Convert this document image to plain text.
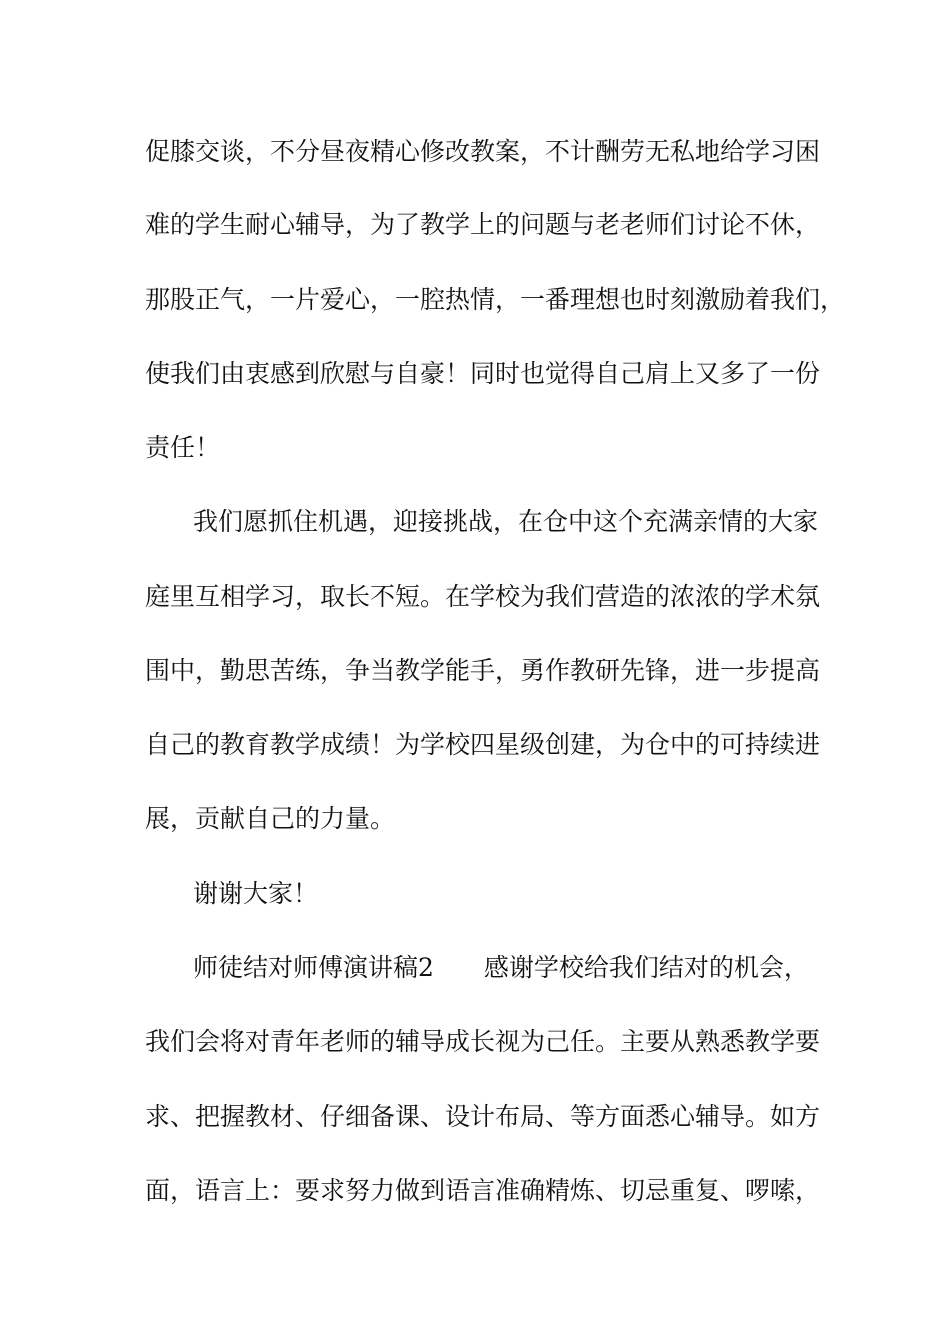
促膝交谈，不分昼夜精心修改教案，不计酬劳无私地给学习困

难的学生耐心辅导，为了教学上的问题与老老师们讨论不休，

那股正气，一片爱心，一腔热情，一番理想也时刻激励着我们，

使我们由衷感到欣慰与自豪！同时也觉得自己肩上又多了一份

责任！

我们愿抓住机遇，迎接挑战，在仓中这个充满亲情的大家

庭里互相学习，取长不短。在学校为我们营造的浓浓的学术氛

围中，勤思苦练，争当教学能手，勇作教研先锋，进一步提高

自己的教育教学成绩！为学校四星级创建，为仓中的可持续进

展，贡献自己的力量。

谢谢大家！

师徒结对师傅演讲稿2 感谢学校给我们结对的机会，

我们会将对青年老师的辅导成长视为己任。主要从熟悉教学要

求、把握教材、仔细备课、设计布局、等方面悉心辅导。如方

面，语言上：要求努力做到语言准确精炼、切忌重复、啰嗦，
